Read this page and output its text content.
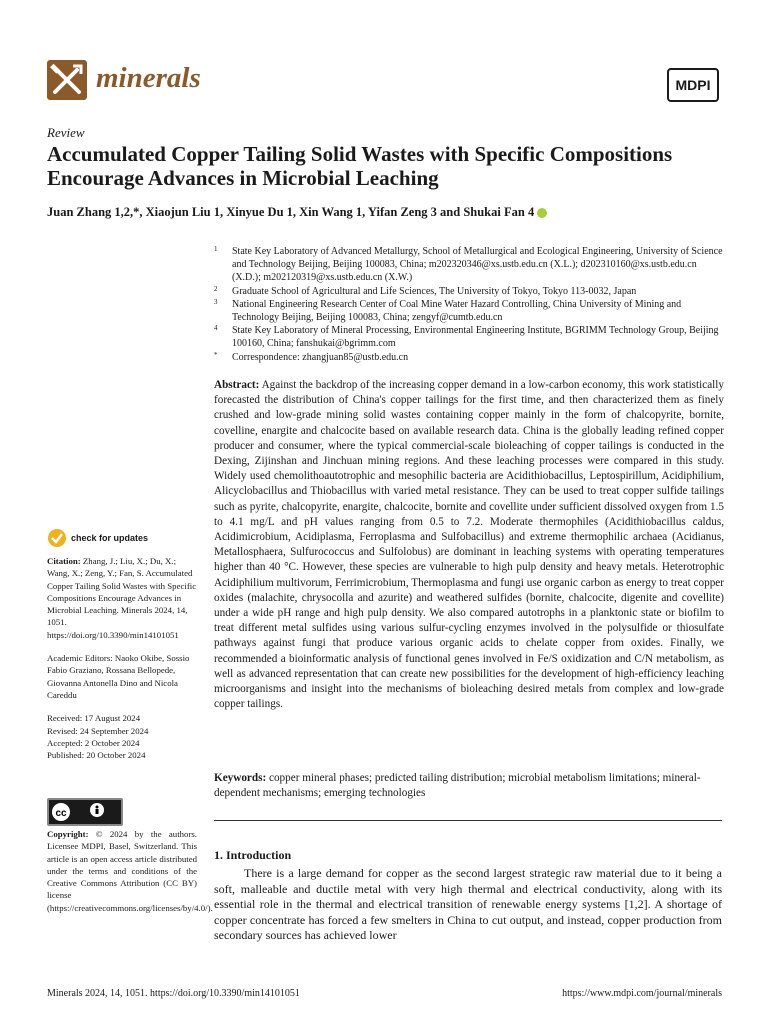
minerals	MDPI
Review
Accumulated Copper Tailing Solid Wastes with Specific Compositions Encourage Advances in Microbial Leaching
Juan Zhang 1,2,*, Xiaojun Liu 1, Xinyue Du 1, Xin Wang 1, Yifan Zeng 3 and Shukai Fan 4
1 State Key Laboratory of Advanced Metallurgy, School of Metallurgical and Ecological Engineering, University of Science and Technology Beijing, Beijing 100083, China; m202320346@xs.ustb.edu.cn (X.L.); d202310160@xs.ustb.edu.cn (X.D.); m202120319@xs.ustb.edu.cn (X.W.)
2 Graduate School of Agricultural and Life Sciences, The University of Tokyo, Tokyo 113-0032, Japan
3 National Engineering Research Center of Coal Mine Water Hazard Controlling, China University of Mining and Technology Beijing, Beijing 100083, China; zengyf@cumtb.edu.cn
4 State Key Laboratory of Mineral Processing, Environmental Engineering Institute, BGRIMM Technology Group, Beijing 100160, China; fanshukai@bgrimm.com
* Correspondence: zhangjuan85@ustb.edu.cn
Abstract: Against the backdrop of the increasing copper demand in a low-carbon economy, this work statistically forecasted the distribution of China's copper tailings for the first time, and then characterized them as finely crushed and low-grade mining solid wastes containing copper mainly in the form of chalcopyrite, bornite, covelline, enargite and chalcocite based on available research data. China is the globally leading refined copper producer and consumer, where the typical commercial-scale bioleaching of copper tailings is conducted in the Dexing, Zijinshan and Jinchuan mining regions. And these leaching processes were compared in this study. Widely used chemolithoautotrophic and mesophilic bacteria are Acidithiobacillus, Leptospirillum, Acidiphilium, Alicyclobacillus and Thiobacillus with varied metal resistance. They can be used to treat copper sulfide tailings such as pyrite, chalcopyrite, enargite, chalcocite, bornite and covellite under sufficient dissolved oxygen from 1.5 to 4.1 mg/L and pH values ranging from 0.5 to 7.2. Moderate thermophiles (Acidithiobacillus caldus, Acidimicrobium, Acidiplasma, Ferroplasma and Sulfobacillus) and extreme thermophilic archaea (Acidianus, Metallosphaera, Sulfurococcus and Sulfolobus) are dominant in leaching systems with operating temperatures higher than 40 °C. However, these species are vulnerable to high pulp density and heavy metals. Heterotrophic Acidiphilium multivorum, Ferrimicrobium, Thermoplasma and fungi use organic carbon as energy to treat copper oxides (malachite, chrysocolla and azurite) and weathered sulfides (bornite, chalcocite, digenite and covellite) under a wide pH range and high pulp density. We also compared autotrophs in a planktonic state or biofilm to treat different metal sulfides using various sulfur-cycling enzymes involved in the polysulfide or thiosulfate pathways against fungi that produce various organic acids to chelate copper from oxides. Finally, we recommended a bioinformatic analysis of functional genes involved in Fe/S oxidization and C/N metabolism, as well as advanced representation that can create new possibilities for the development of high-efficiency leaching microorganisms and insight into the mechanisms of bioleaching desired metals from complex and low-grade copper tailings.
Keywords: copper mineral phases; predicted tailing distribution; microbial metabolism limitations; mineral-dependent mechanisms; emerging technologies
1. Introduction
There is a large demand for copper as the second largest strategic raw material due to it being a soft, malleable and ductile metal with very high thermal and electrical conductivity, along with its essential role in the thermal and electrical transition of renewable energy systems [1,2]. A shortage of copper concentrate has forced a few smelters in China to cut output, and instead, copper production from secondary sources has achieved lower
check for updates

Citation: Zhang, J.; Liu, X.; Du, X.; Wang, X.; Zeng, Y.; Fan, S. Accumulated Copper Tailing Solid Wastes with Specific Compositions Encourage Advances in Microbial Leaching. Minerals 2024, 14, 1051. https://doi.org/10.3390/min14101051

Academic Editors: Naoko Okibe, Sossio Fabio Graziano, Rossana Bellopede, Giovanna Antonella Dino and Nicola Careddu

Received: 17 August 2024
Revised: 24 September 2024
Accepted: 2 October 2024
Published: 20 October 2024

cc
Copyright: © 2024 by the authors. Licensee MDPI, Basel, Switzerland. This article is an open access article distributed under the terms and conditions of the Creative Commons Attribution (CC BY) license (https://creativecommons.org/licenses/by/4.0/).
Minerals 2024, 14, 1051. https://doi.org/10.3390/min14101051	https://www.mdpi.com/journal/minerals
